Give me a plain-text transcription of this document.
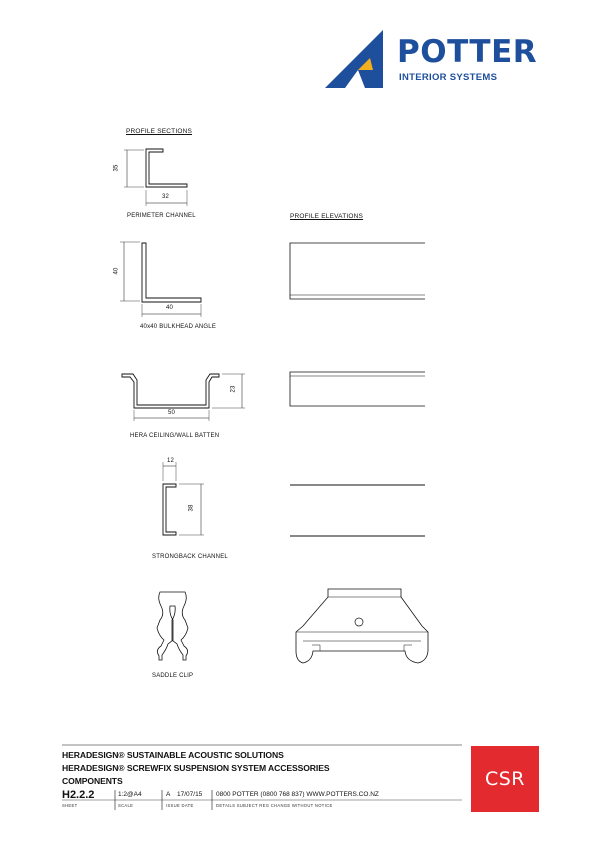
POTTER
INTERIOR SYSTEMS
PROFILE SECTIONS
PROFILE ELEVATIONS
35
32
PERIMETER CHANNEL
40
40
40x40 BULKHEAD ANGLE
23
50
HERA CEILING/WALL BATTEN
12
38
STRONGBACK CHANNEL
SADDLE CLIP
HERADESIGN® SUSTAINABLE ACOUSTIC SOLUTIONS
HERADESIGN® SCREWFIX SUSPENSION SYSTEM ACCESSORIES
COMPONENTS
H2.2.2
SHEET
1:2@A4
SCALE
A 17/07/15
ISSUE DATE
0800 POTTER (0800 768 837) WWW.POTTERS.CO.NZ
DETAILS SUBJECT REG CHANGE WITHOUT NOTICE
CSR
